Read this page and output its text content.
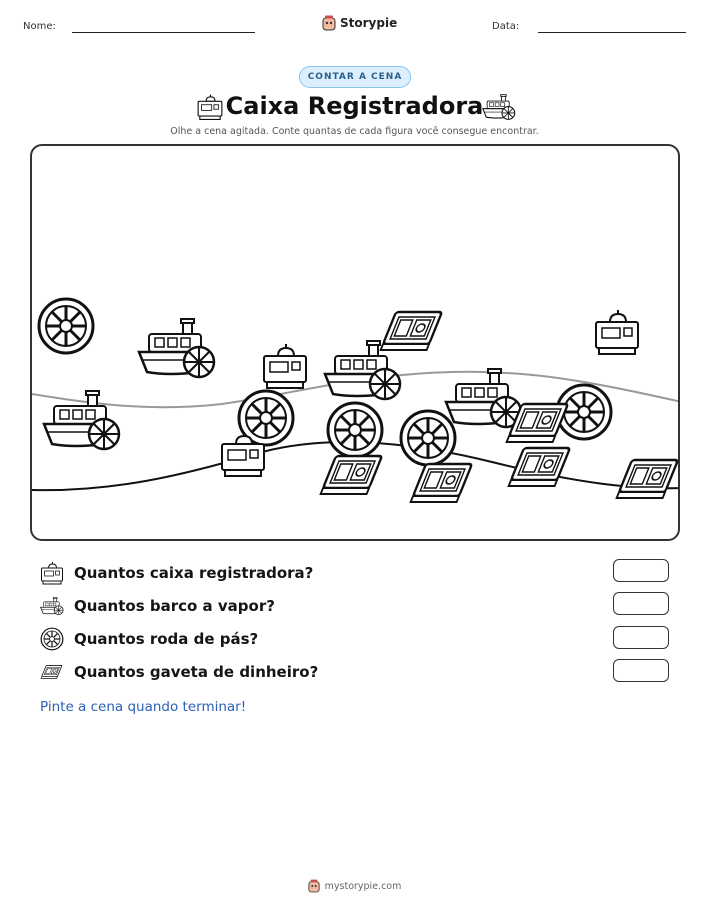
Nome:	Storypie	Data:
CONTAR A CENA
Caixa Registradora
Olhe a cena agitada. Conte quantas de cada figura você consegue encontrar.
Quantos caixa registradora?
Quantos barco a vapor?
Quantos roda de pás?
Quantos gaveta de dinheiro?
Pinte a cena quando terminar!
mystorypie.com
